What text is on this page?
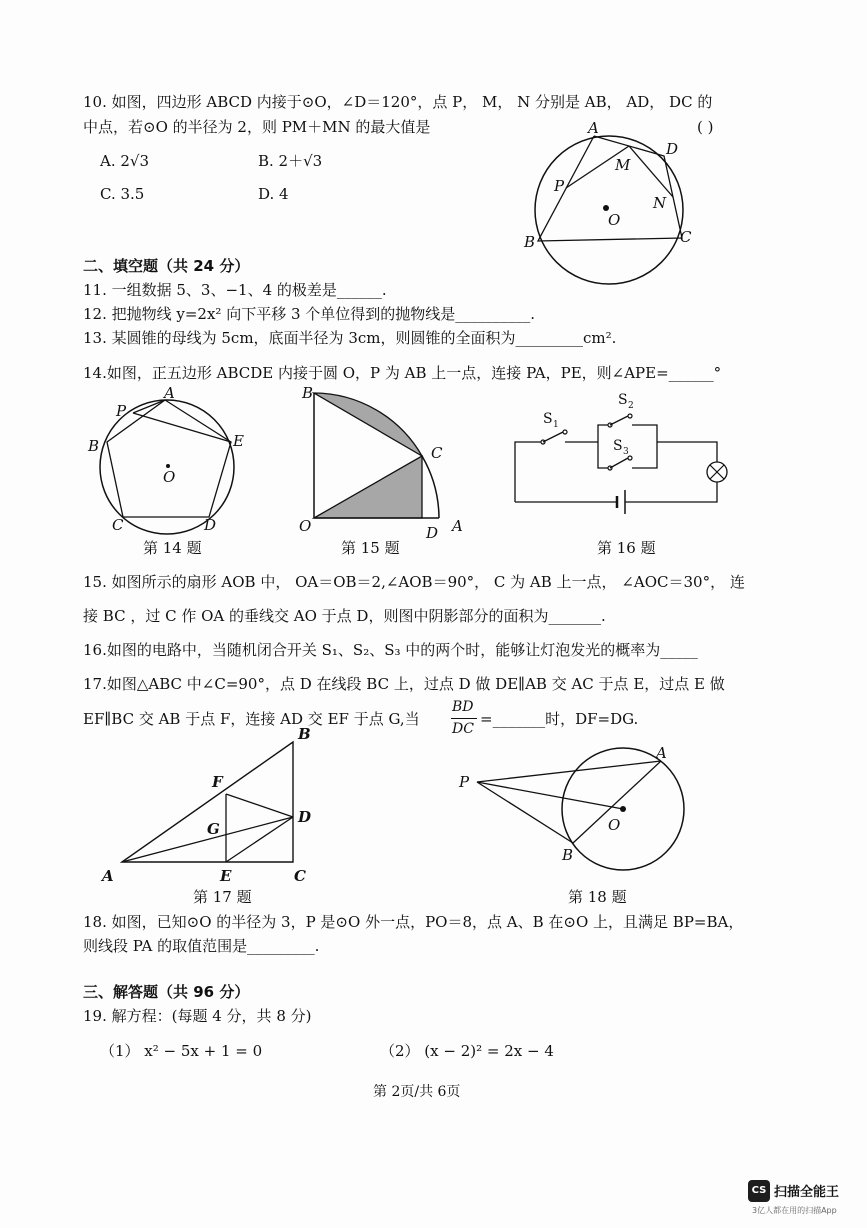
10. 如图，四边形 ABCD 内接于⊙O，∠D＝120°，点 P， M， N 分别是 AB， AD， DC 的
中点，若⊙O 的半径为 2，则 PM＋MN 的最大值是	( )
A. 2√3	B. 2＋√3
C. 3.5	D. 4
A
D
M
P
N
O
B	C
二、填空题（共 24 分）
11. 一组数据 5、3、−1、4 的极差是______.
12. 把抛物线 y=2x² 向下平移 3 个单位得到的抛物线是__________.
13. 某圆锥的母线为 5cm，底面半径为 3cm，则圆锥的全面积为_________cm².
14.如图，正五边形 ABCDE 内接于圆 O，P 为 AB 上一点，连接 PA，PE，则∠APE=______°
A
P
B	E
O
C	D
B
C
O	D A
S 1
S 2
S 3
第 14 题	第 15 题	第 16 题
15. 如图所示的扇形 AOB 中， OA＝OB＝2,∠AOB＝90°， C 为 AB 上一点， ∠AOC＝30°， 连
接 BC ，过 C 作 OA 的垂线交 AO 于点 D，则图中阴影部分的面积为_______.
16.如图的电路中，当随机闭合开关 S₁、S₂、S₃ 中的两个时，能够让灯泡发光的概率为_____
17.如图△ABC 中∠C=90°，点 D 在线段 BC 上，过点 D 做 DE∥AB 交 AC 于点 E，过点 E 做
EF∥BC 交 AB 于点 F，连接 AD 交 EF 于点 G,当
BD
DC
=_______时，DF=DG.
B
F
D
G
A	E	C
A
P
O
B
第 17 题	第 18 题
18. 如图，已知⊙O 的半径为 3，P 是⊙O 外一点，PO＝8，点 A、B 在⊙O 上，且满足 BP=BA，
则线段 PA 的取值范围是_________.
三、解答题（共 96 分）
19. 解方程：(每题 4 分，共 8 分)
（1） x² − 5x + 1 = 0	（2） (x − 2)² = 2x − 4
第 2页/共 6页
CS 扫描全能王
3亿人都在用的扫描App
